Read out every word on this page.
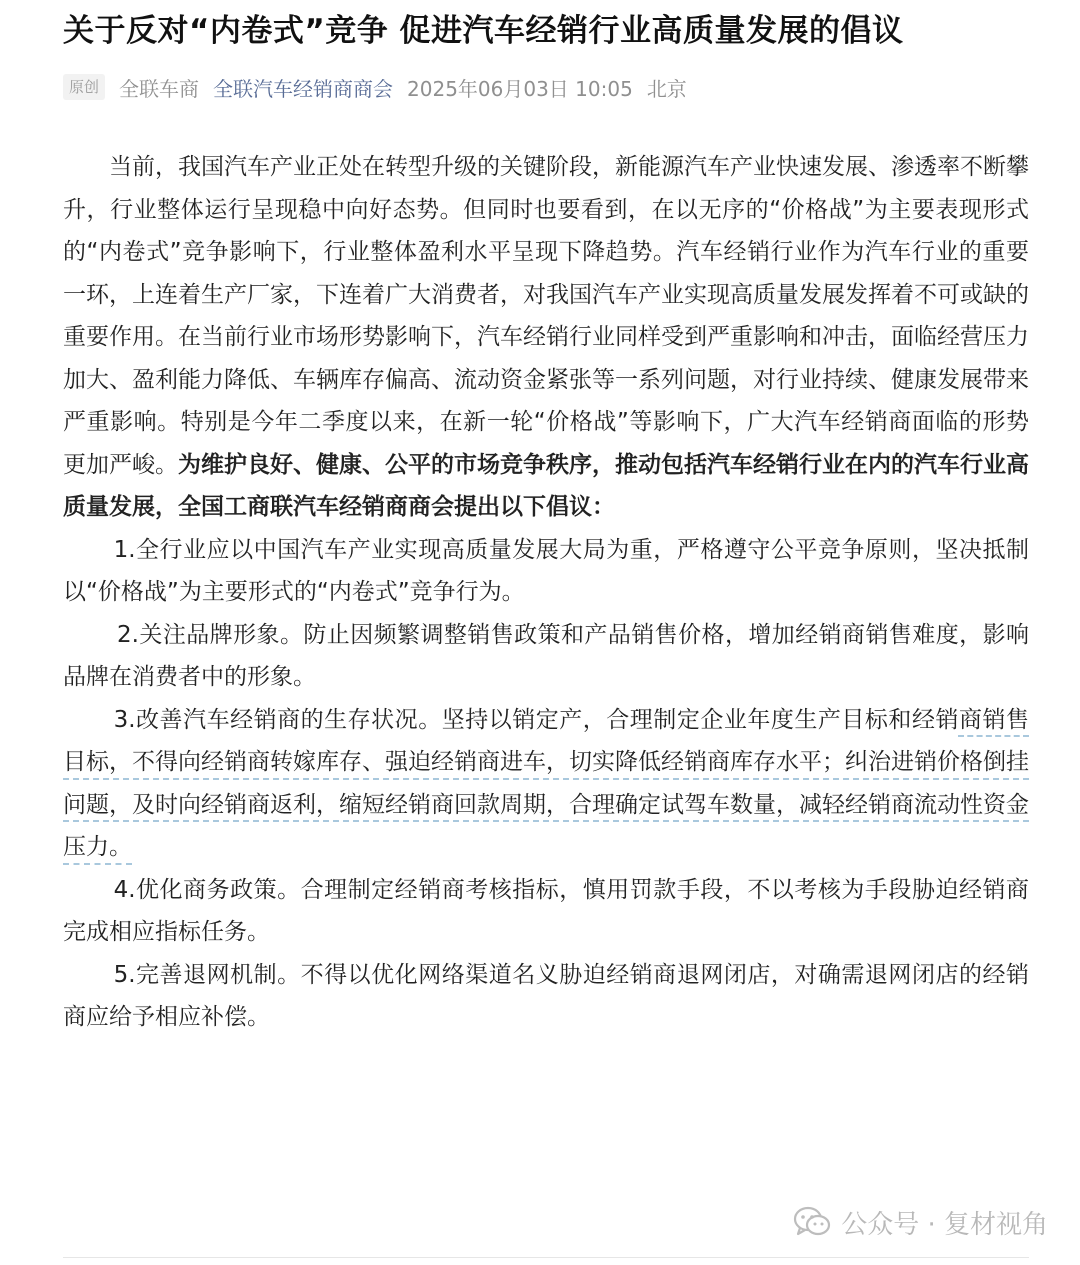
关于反对“内卷式”竞争 促进汽车经销行业高质量发展的倡议
原创	全联车商 全联汽车经销商商会 2025年06月03日 10:05 北京

当前，我国汽车产业正处在转型升级的关键阶段，新能源汽车产业快速发展、渗透率不断攀升，行业整体运行呈现稳中向好态势。但同时也要看到，在以无序的“价格战”为主要表现形式的“内卷式”竞争影响下，行业整体盈利水平呈现下降趋势。汽车经销行业作为汽车行业的重要一环，上连着生产厂家，下连着广大消费者，对我国汽车产业实现高质量发展发挥着不可或缺的重要作用。在当前行业市场形势影响下，汽车经销行业同样受到严重影响和冲击，面临经营压力加大、盈利能力降低、车辆库存偏高、流动资金紧张等一系列问题，对行业持续、健康发展带来严重影响。特别是今年二季度以来，在新一轮“价格战”等影响下，广大汽车经销商面临的形势更加严峻。为维护良好、健康、公平的市场竞争秩序，推动包括汽车经销行业在内的汽车行业高质量发展，全国工商联汽车经销商商会提出以下倡议：

1.全行业应以中国汽车产业实现高质量发展大局为重，严格遵守公平竞争原则，坚决抵制以“价格战”为主要形式的“内卷式”竞争行为。

2.关注品牌形象。防止因频繁调整销售政策和产品销售价格，增加经销商销售难度，影响品牌在消费者中的形象。

3.改善汽车经销商的生存状况。坚持以销定产，合理制定企业年度生产目标和经销商销售目标，不得向经销商转嫁库存、强迫经销商进车，切实降低经销商库存水平；纠治进销价格倒挂问题，及时向经销商返利，缩短经销商回款周期，合理确定试驾车数量，减轻经销商流动性资金压力。

4.优化商务政策。合理制定经销商考核指标，慎用罚款手段，不以考核为手段胁迫经销商完成相应指标任务。

5.完善退网机制。不得以优化网络渠道名义胁迫经销商退网闭店，对确需退网闭店的经销商应给予相应补偿。

公众号 · 复材视角
